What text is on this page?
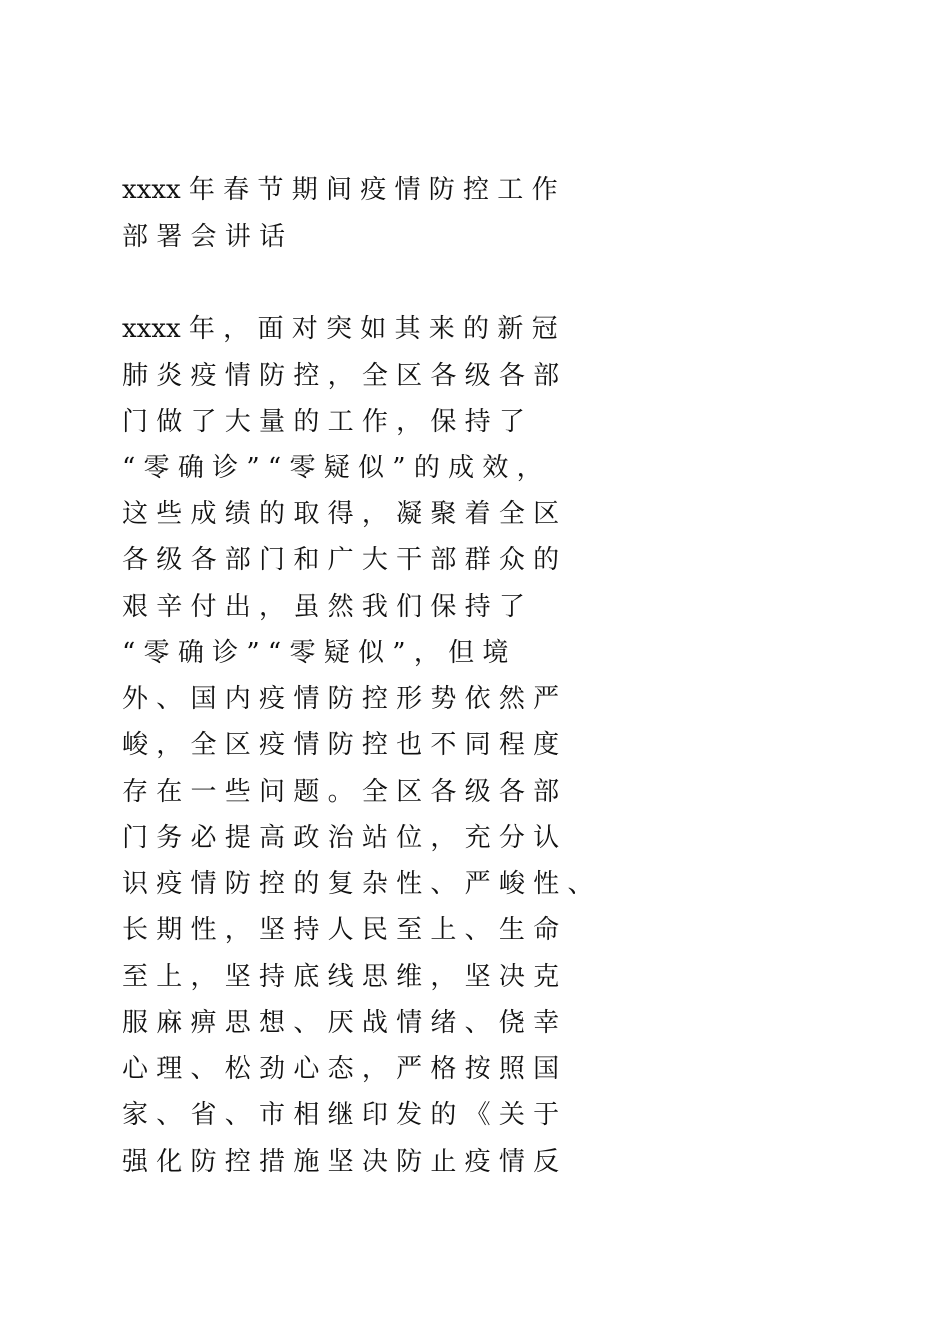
xxxx 年 春 节 期 间 疫 情 防 控 工 作
部 署 会 讲 话
xxxx 年 ， 面 对 突 如 其 来 的 新 冠
肺 炎 疫 情 防 控 ， 全 区 各 级 各 部
门 做 了 大 量 的 工 作 ， 保 持 了
“ 零 确 诊 ” “ 零 疑 似 ” 的 成 效 ，
这 些 成 绩 的 取 得 ， 凝 聚 着 全 区
各 级 各 部 门 和 广 大 干 部 群 众 的
艰 辛 付 出 ， 虽 然 我 们 保 持 了
“ 零 确 诊 ” “ 零 疑 似 ” ， 但 境
外 、 国 内 疫 情 防 控 形 势 依 然 严
峻 ， 全 区 疫 情 防 控 也 不 同 程 度
存 在 一 些 问 题 。 全 区 各 级 各 部
门 务 必 提 高 政 治 站 位 ， 充 分 认
识 疫 情 防 控 的 复 杂 性 、 严 峻 性 、
长 期 性 ， 坚 持 人 民 至 上 、 生 命
至 上 ， 坚 持 底 线 思 维 ， 坚 决 克
服 麻 痹 思 想 、 厌 战 情 绪 、 侥 幸
心 理 、 松 劲 心 态 ， 严 格 按 照 国
家 、 省 、 市 相 继 印 发 的 《 关 于
强 化 防 控 措 施 坚 决 防 止 疫 情 反
